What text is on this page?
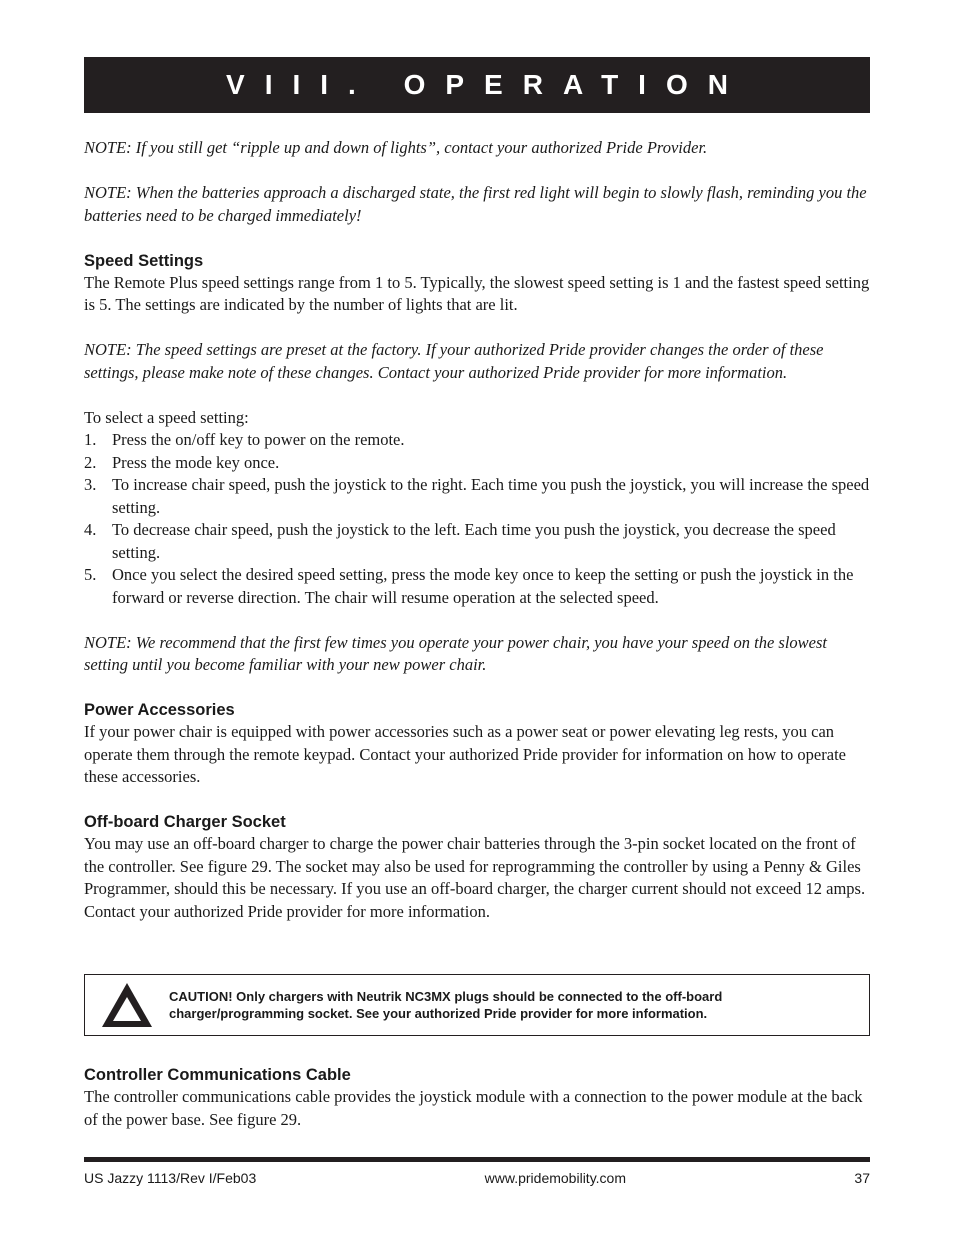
VIII. OPERATION

NOTE: If you still get “ripple up and down of lights”, contact your authorized Pride Provider.

NOTE: When the batteries approach a discharged state, the first red light will begin to slowly flash, reminding you the batteries need to be charged immediately!

Speed Settings

The Remote Plus speed settings range from 1 to 5. Typically, the slowest speed setting is 1 and the fastest speed setting is 5. The settings are indicated by the number of lights that are lit.

NOTE: The speed settings are preset at the factory. If your authorized Pride provider changes the order of these settings, please make note of these changes. Contact your authorized Pride provider for more information.

To select a speed setting:

1. Press the on/off key to power on the remote.
2. Press the mode key once.
3. To increase chair speed, push the joystick to the right. Each time you push the joystick, you will increase the speed setting.
4. To decrease chair speed, push the joystick to the left. Each time you push the joystick, you decrease the speed setting.
5. Once you select the desired speed setting, press the mode key once to keep the setting or push the joystick in the forward or reverse direction. The chair will resume operation at the selected speed.

NOTE: We recommend that the first few times you operate your power chair, you have your speed on the slowest setting until you become familiar with your new power chair.

Power Accessories

If your power chair is equipped with power accessories such as a power seat or power elevating leg rests, you can operate them through the remote keypad. Contact your authorized Pride provider for information on how to operate these accessories.

Off-board Charger Socket

You may use an off-board charger to charge the power chair batteries through the 3-pin socket located on the front of the controller. See figure 29. The socket may also be used for reprogramming the controller by using a Penny & Giles Programmer, should this be necessary. If you use an off-board charger, the charger current should not exceed 12 amps. Contact your authorized Pride provider for more information.

CAUTION! Only chargers with Neutrik NC3MX plugs should be connected to the off-board charger/programming socket. See your authorized Pride provider for more information.
Controller Communications Cable

The controller communications cable provides the joystick module with a connection to the power module at the back of the power base. See figure 29.

US Jazzy 1113/Rev I/Feb03	www.pridemobility.com	37
